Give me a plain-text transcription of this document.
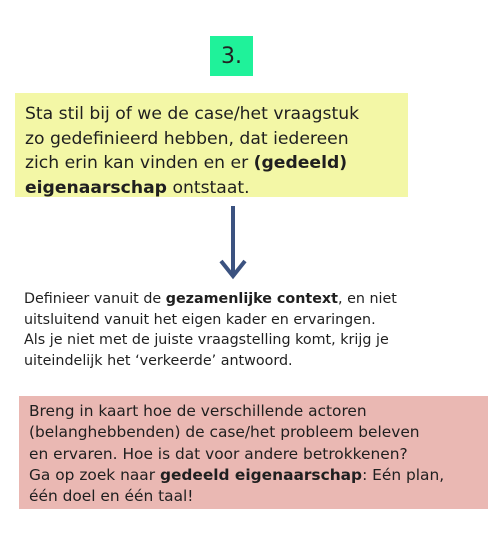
3.
Sta stil bij of we de case/het vraagstuk
zo gedefinieerd hebben, dat iedereen
zich erin kan vinden en er (gedeeld)
eigenaarschap ontstaat.
Definieer vanuit de gezamenlijke context, en niet
uitsluitend vanuit het eigen kader en ervaringen.
Als je niet met de juiste vraagstelling komt, krijg je
uiteindelijk het ‘verkeerde’ antwoord.
Breng in kaart hoe de verschillende actoren
(belanghebbenden) de case/het probleem beleven
en ervaren. Hoe is dat voor andere betrokkenen?
Ga op zoek naar gedeeld eigenaarschap: Eén plan,
één doel en één taal!
